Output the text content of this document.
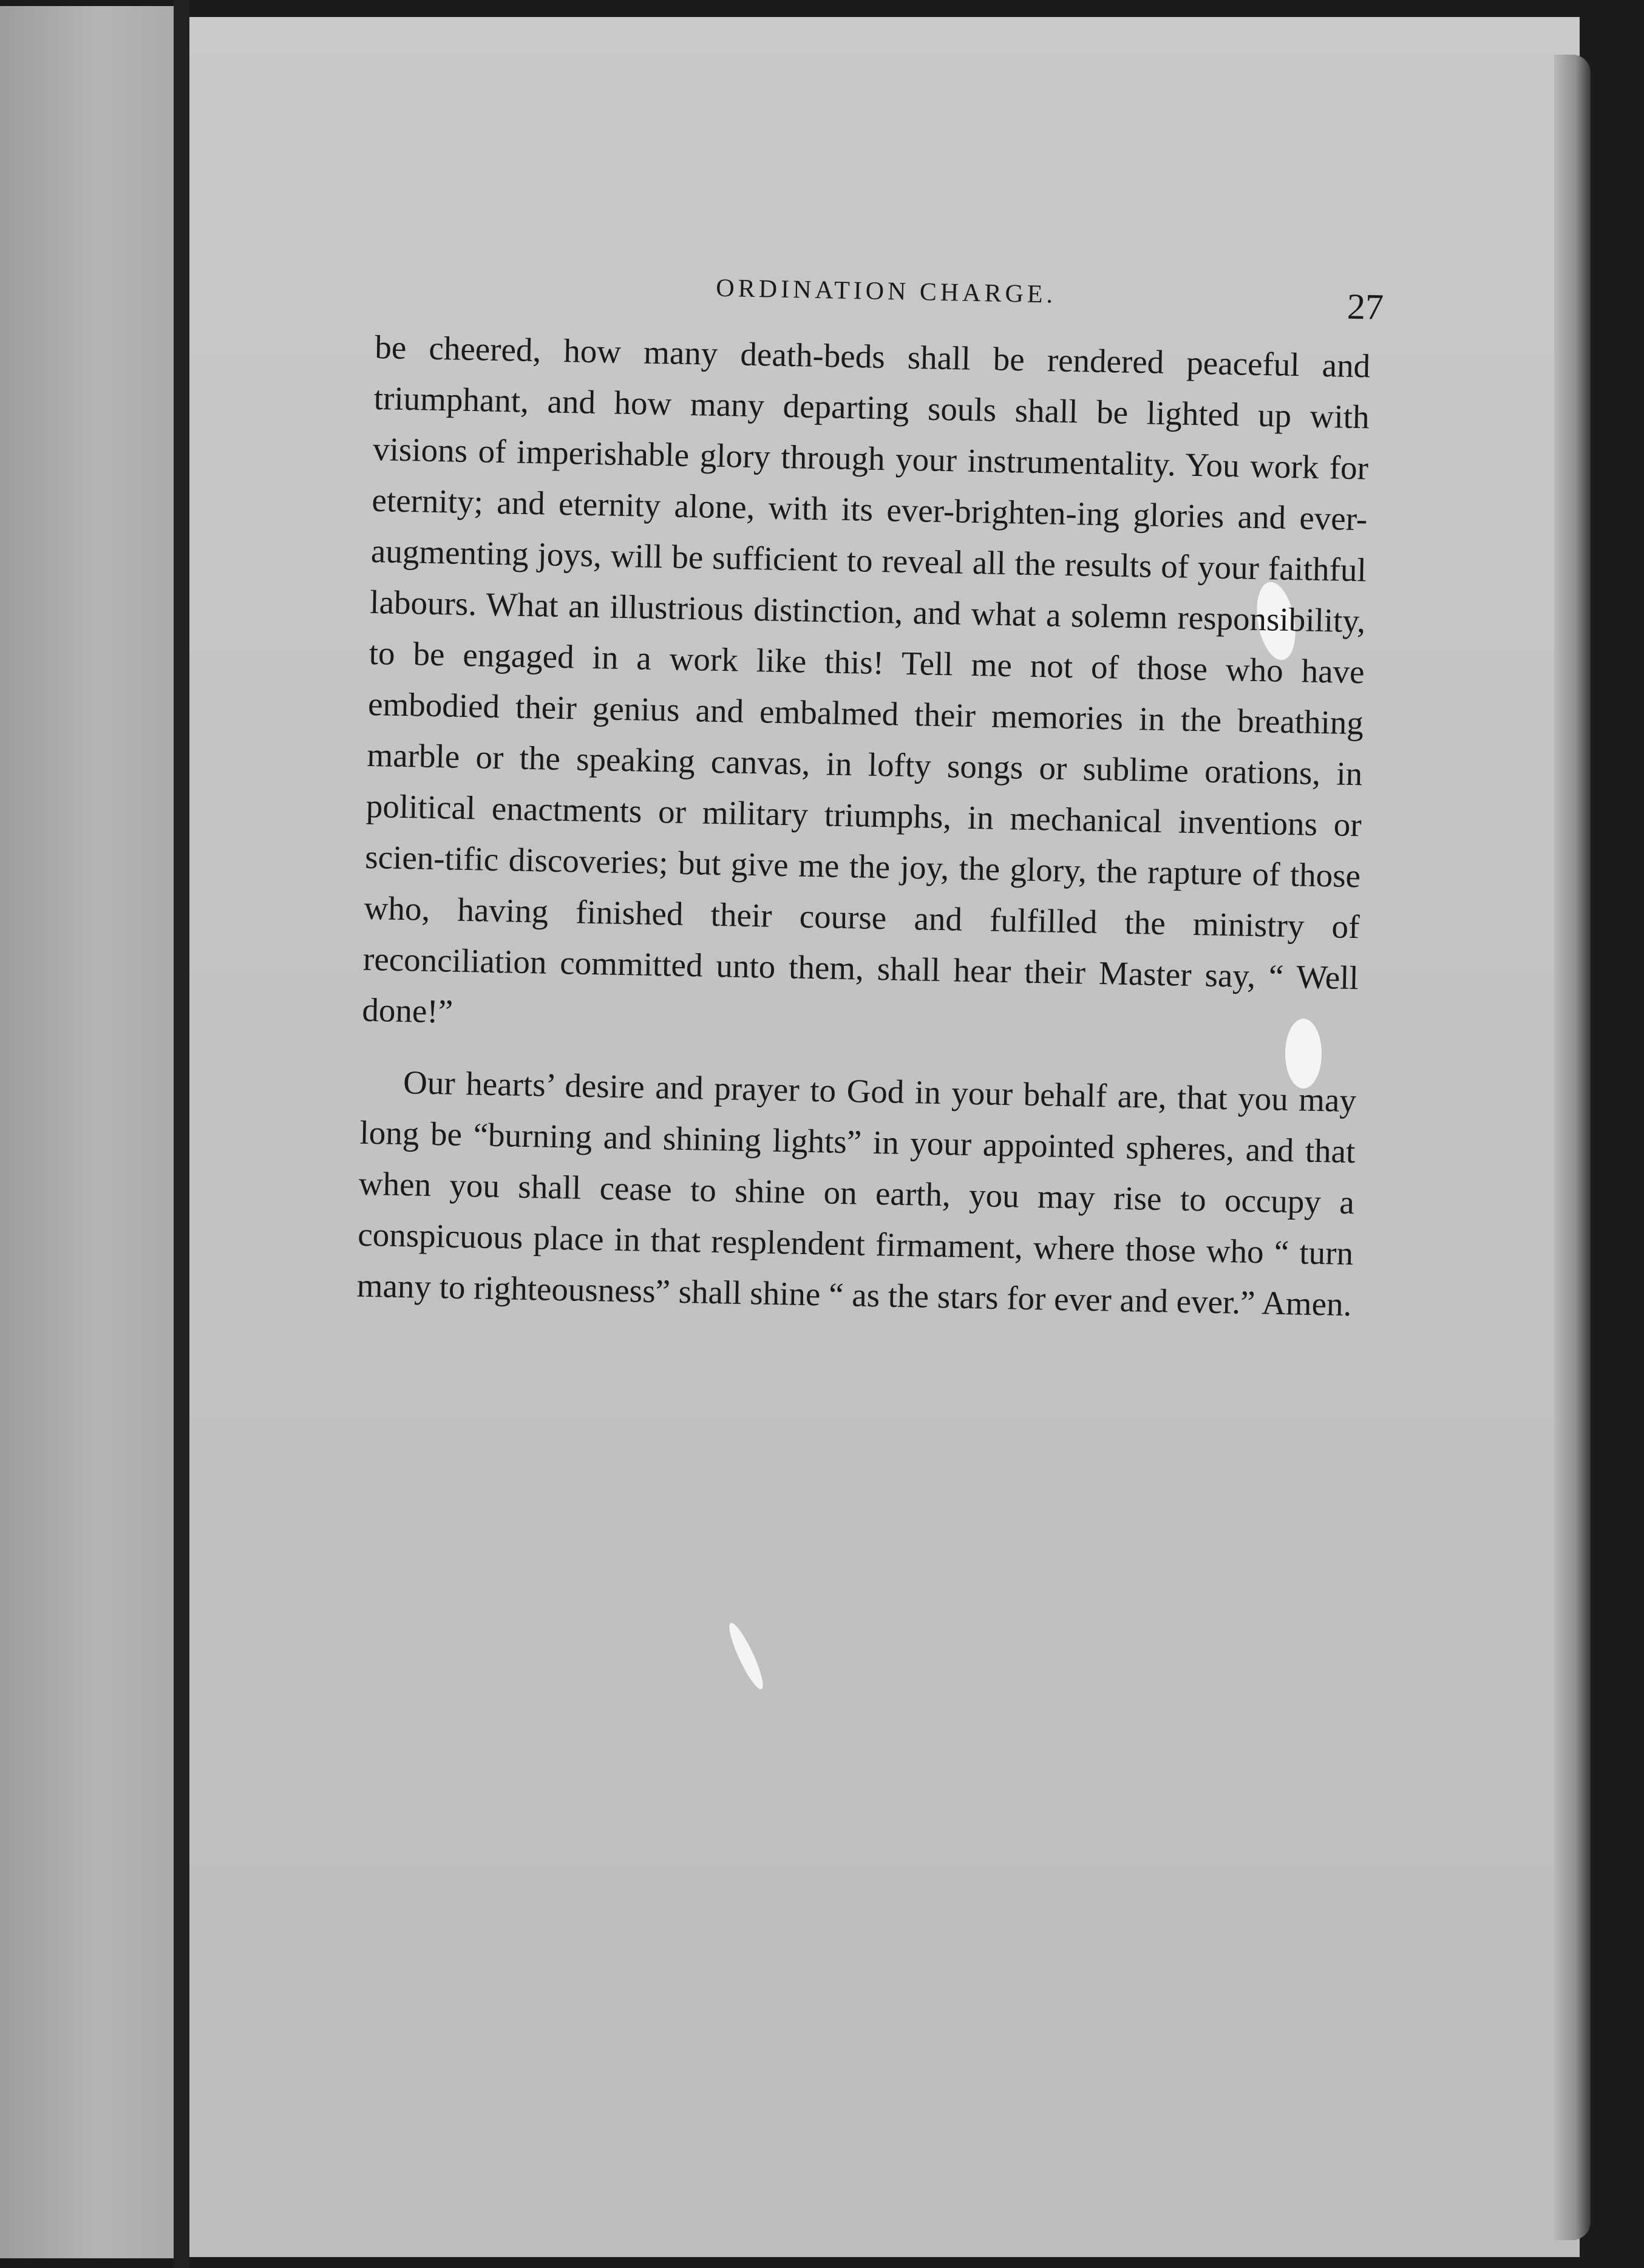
ORDINATION CHARGE.	27

be cheered, how many death-beds shall be rendered peaceful and triumphant, and how many departing souls shall be lighted up with visions of imperishable glory through your instrumentality. You work for eternity; and eternity alone, with its ever-brighten-ing glories and ever-augmenting joys, will be sufficient to reveal all the results of your faithful labours. What an illustrious distinction, and what a solemn responsibility, to be engaged in a work like this! Tell me not of those who have embodied their genius and embalmed their memories in the breathing marble or the speaking canvas, in lofty songs or sublime orations, in political enactments or military triumphs, in mechanical inventions or scien-tific discoveries; but give me the joy, the glory, the rapture of those who, having finished their course and fulfilled the ministry of reconciliation committed unto them, shall hear their Master say, “ Well done!”

Our hearts’ desire and prayer to God in your behalf are, that you may long be “burning and shining lights” in your appointed spheres, and that when you shall cease to shine on earth, you may rise to occupy a conspicuous place in that resplendent firmament, where those who “ turn many to righteousness” shall shine “ as the stars for ever and ever.” Amen.
